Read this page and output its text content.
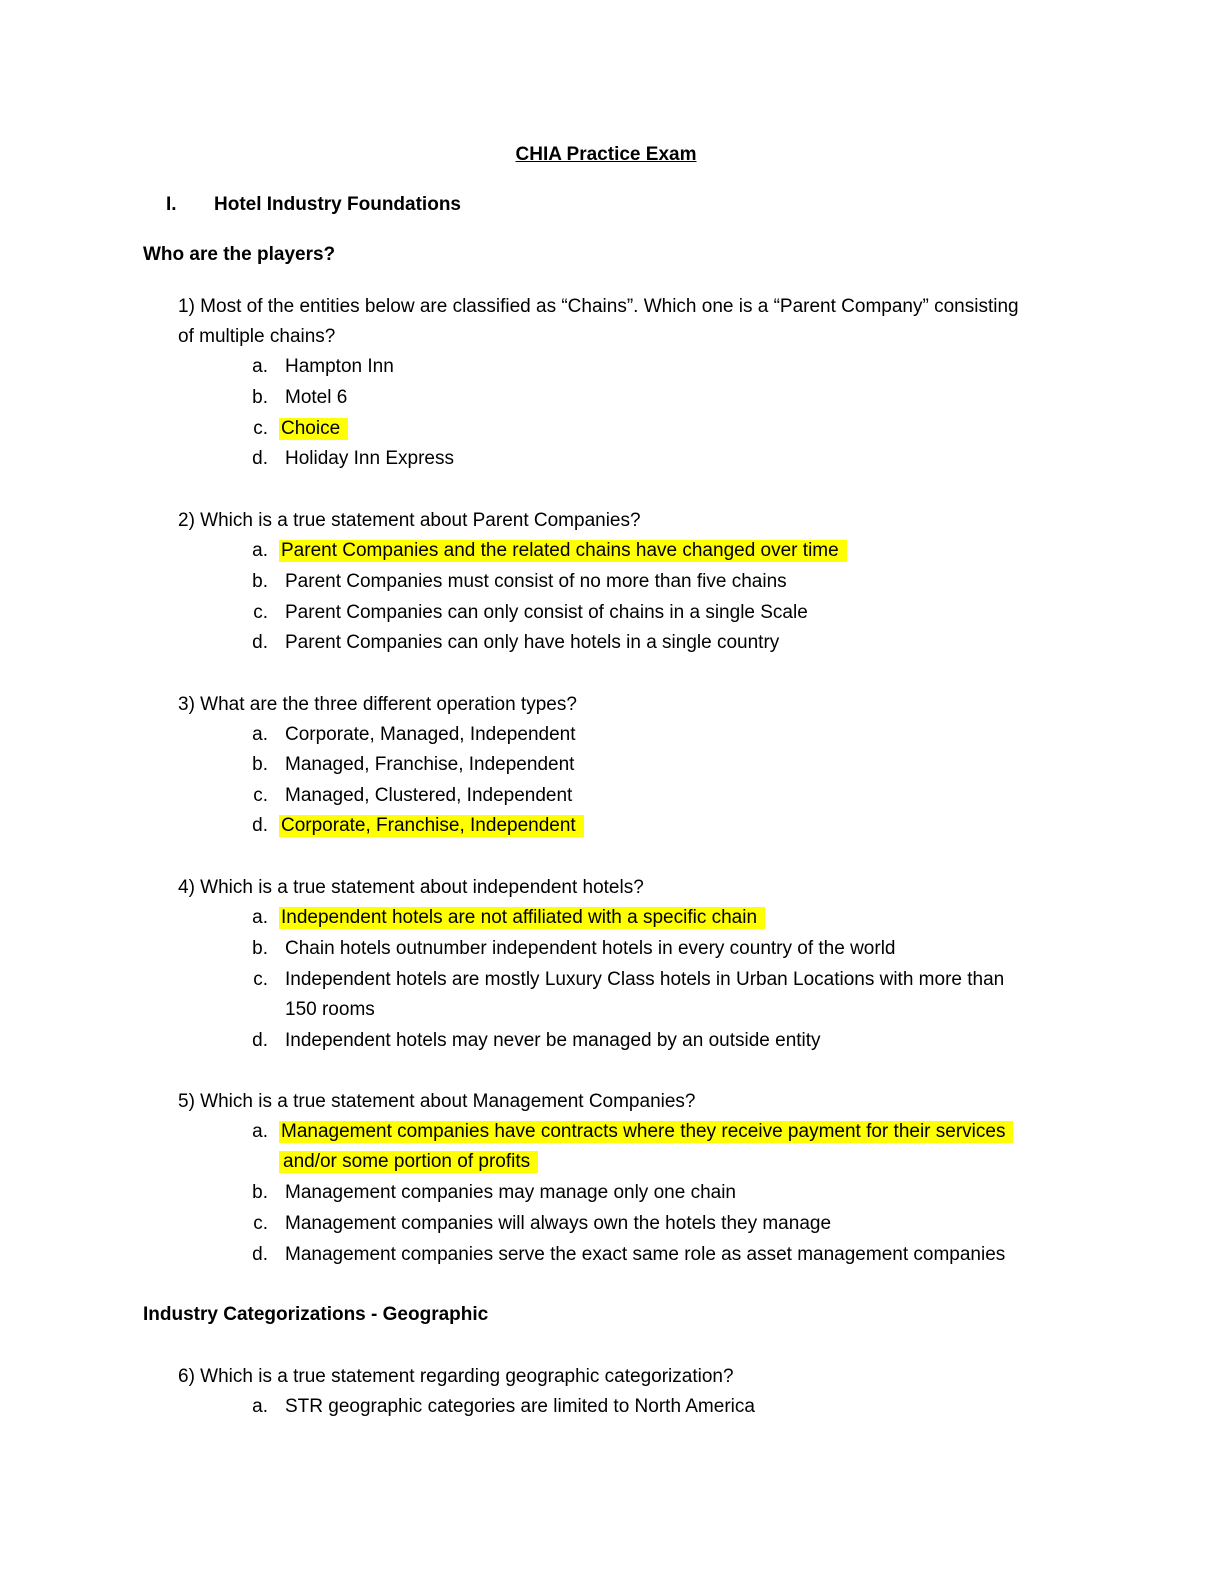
CHIA Practice Exam
I. Hotel Industry Foundations
Who are the players?
1) Most of the entities below are classified as “Chains”. Which one is a “Parent Company” consisting
of multiple chains?
a. Hampton Inn
b. Motel 6
c. Choice
d. Holiday Inn Express
2) Which is a true statement about Parent Companies?
a. Parent Companies and the related chains have changed over time
b. Parent Companies must consist of no more than five chains
c. Parent Companies can only consist of chains in a single Scale
d. Parent Companies can only have hotels in a single country
3) What are the three different operation types?
a. Corporate, Managed, Independent
b. Managed, Franchise, Independent
c. Managed, Clustered, Independent
d. Corporate, Franchise, Independent
4) Which is a true statement about independent hotels?
a. Independent hotels are not affiliated with a specific chain
b. Chain hotels outnumber independent hotels in every country of the world
c. Independent hotels are mostly Luxury Class hotels in Urban Locations with more than
150 rooms
d. Independent hotels may never be managed by an outside entity
5) Which is a true statement about Management Companies?
a. Management companies have contracts where they receive payment for their services
and/or some portion of profits
b. Management companies may manage only one chain
c. Management companies will always own the hotels they manage
d. Management companies serve the exact same role as asset management companies
Industry Categorizations - Geographic
6) Which is a true statement regarding geographic categorization?
a. STR geographic categories are limited to North America
